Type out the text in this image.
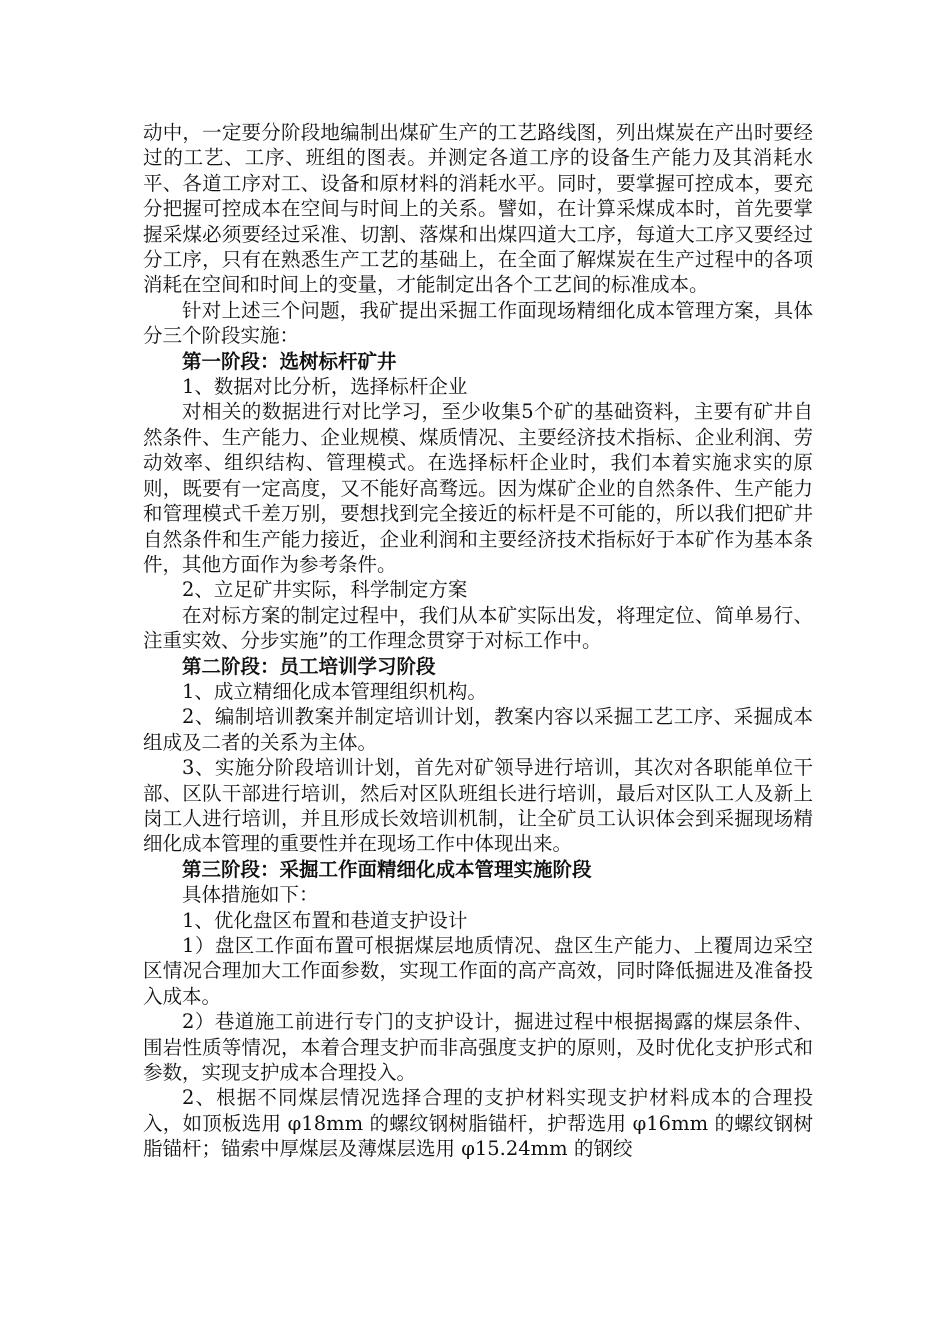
动中，一定要分阶段地编制出煤矿生产的工艺路线图，列出煤炭在产出时要经过的工艺、工序、班组的图表。并测定各道工序的设备生产能力及其消耗水平、各道工序对工、设备和原材料的消耗水平。同时，要掌握可控成本，要充分把握可控成本在空间与时间上的关系。譬如，在计算采煤成本时，首先要掌握采煤必须要经过采准、切割、落煤和出煤四道大工序，每道大工序又要经过分工序，只有在熟悉生产工艺的基础上，在全面了解煤炭在生产过程中的各项消耗在空间和时间上的变量，才能制定出各个工艺间的标准成本。

针对上述三个问题，我矿提出采掘工作面现场精细化成本管理方案，具体分三个阶段实施：

第一阶段：选树标杆矿井

1、数据对比分析，选择标杆企业

对相关的数据进行对比学习，至少收集5个矿的基础资料，主要有矿井自然条件、生产能力、企业规模、煤质情况、主要经济技术指标、企业利润、劳动效率、组织结构、管理模式。在选择标杆企业时，我们本着实施求实的原则，既要有一定高度，又不能好高骛远。因为煤矿企业的自然条件、生产能力和管理模式千差万别，要想找到完全接近的标杆是不可能的，所以我们把矿井自然条件和生产能力接近，企业利润和主要经济技术指标好于本矿作为基本条件，其他方面作为参考条件。

2、立足矿井实际，科学制定方案

在对标方案的制定过程中，我们从本矿实际出发，将理定位、简单易行、注重实效、分步实施”的工作理念贯穿于对标工作中。

第二阶段：员工培训学习阶段

1、成立精细化成本管理组织机构。

2、编制培训教案并制定培训计划，教案内容以采掘工艺工序、采掘成本组成及二者的关系为主体。

3、实施分阶段培训计划，首先对矿领导进行培训，其次对各职能单位干部、区队干部进行培训，然后对区队班组长进行培训，最后对区队工人及新上岗工人进行培训，并且形成长效培训机制，让全矿员工认识体会到采掘现场精细化成本管理的重要性并在现场工作中体现出来。

第三阶段：采掘工作面精细化成本管理实施阶段

具体措施如下：

1、优化盘区布置和巷道支护设计

1）盘区工作面布置可根据煤层地质情况、盘区生产能力、上覆周边采空区情况合理加大工作面参数，实现工作面的高产高效，同时降低掘进及准备投入成本。

2）巷道施工前进行专门的支护设计，掘进过程中根据揭露的煤层条件、围岩性质等情况，本着合理支护而非高强度支护的原则，及时优化支护形式和参数，实现支护成本合理投入。

2、根据不同煤层情况选择合理的支护材料实现支护材料成本的合理投入，如顶板选用 φ18mm 的螺纹钢树脂锚杆，护帮选用 φ16mm 的螺纹钢树脂锚杆；锚索中厚煤层及薄煤层选用 φ15.24mm 的钢绞
